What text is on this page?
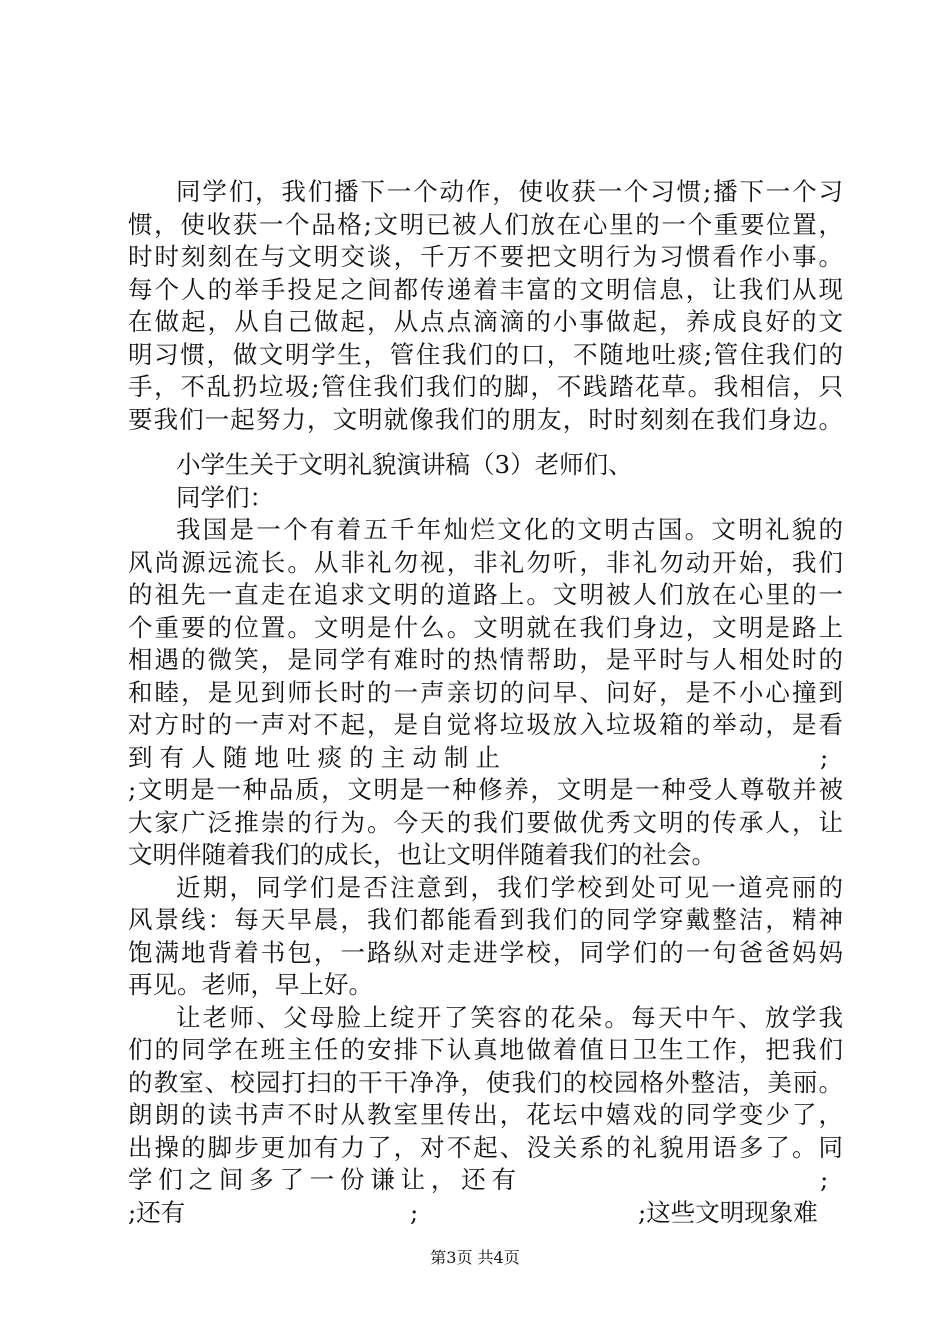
同学们，我们播下一个动作，使收获一个习惯;播下一个习
惯，使收获一个品格;文明已被人们放在心里的一个重要位置，
时时刻刻在与文明交谈，千万不要把文明行为习惯看作小事。
每个人的举手投足之间都传递着丰富的文明信息，让我们从现
在做起，从自己做起，从点点滴滴的小事做起，养成良好的文
明习惯，做文明学生，管住我们的口，不随地吐痰;管住我们的
手，不乱扔垃圾;管住我们我们的脚，不践踏花草。我相信，只
要我们一起努力，文明就像我们的朋友，时时刻刻在我们身边。
小学生关于文明礼貌演讲稿（3）老师们、
同学们：
我国是一个有着五千年灿烂文化的文明古国。文明礼貌的
风尚源远流长。从非礼勿视，非礼勿听，非礼勿动开始，我们
的祖先一直走在追求文明的道路上。文明被人们放在心里的一
个重要的位置。文明是什么。文明就在我们身边，文明是路上
相遇的微笑，是同学有难时的热情帮助，是平时与人相处时的
和睦，是见到师长时的一声亲切的问早、问好，是不小心撞到
对方时的一声对不起，是自觉将垃圾放入垃圾箱的举动，是看
到有人随地吐痰的主动制止	;
;文明是一种品质，文明是一种修养，文明是一种受人尊敬并被
大家广泛推崇的行为。今天的我们要做优秀文明的传承人，让
文明伴随着我们的成长，也让文明伴随着我们的社会。
近期，同学们是否注意到，我们学校到处可见一道亮丽的
风景线：每天早晨，我们都能看到我们的同学穿戴整洁，精神
饱满地背着书包，一路纵对走进学校，同学们的一句爸爸妈妈
再见。老师，早上好。
让老师、父母脸上绽开了笑容的花朵。每天中午、放学我
们的同学在班主任的安排下认真地做着值日卫生工作，把我们
的教室、校园打扫的干干净净，使我们的校园格外整洁，美丽。
朗朗的读书声不时从教室里传出，花坛中嬉戏的同学变少了，
出操的脚步更加有力了，对不起、没关系的礼貌用语多了。同
学们之间多了一份谦让，还有	;
;还有	;	;这些文明现象难
第3页 共4页
